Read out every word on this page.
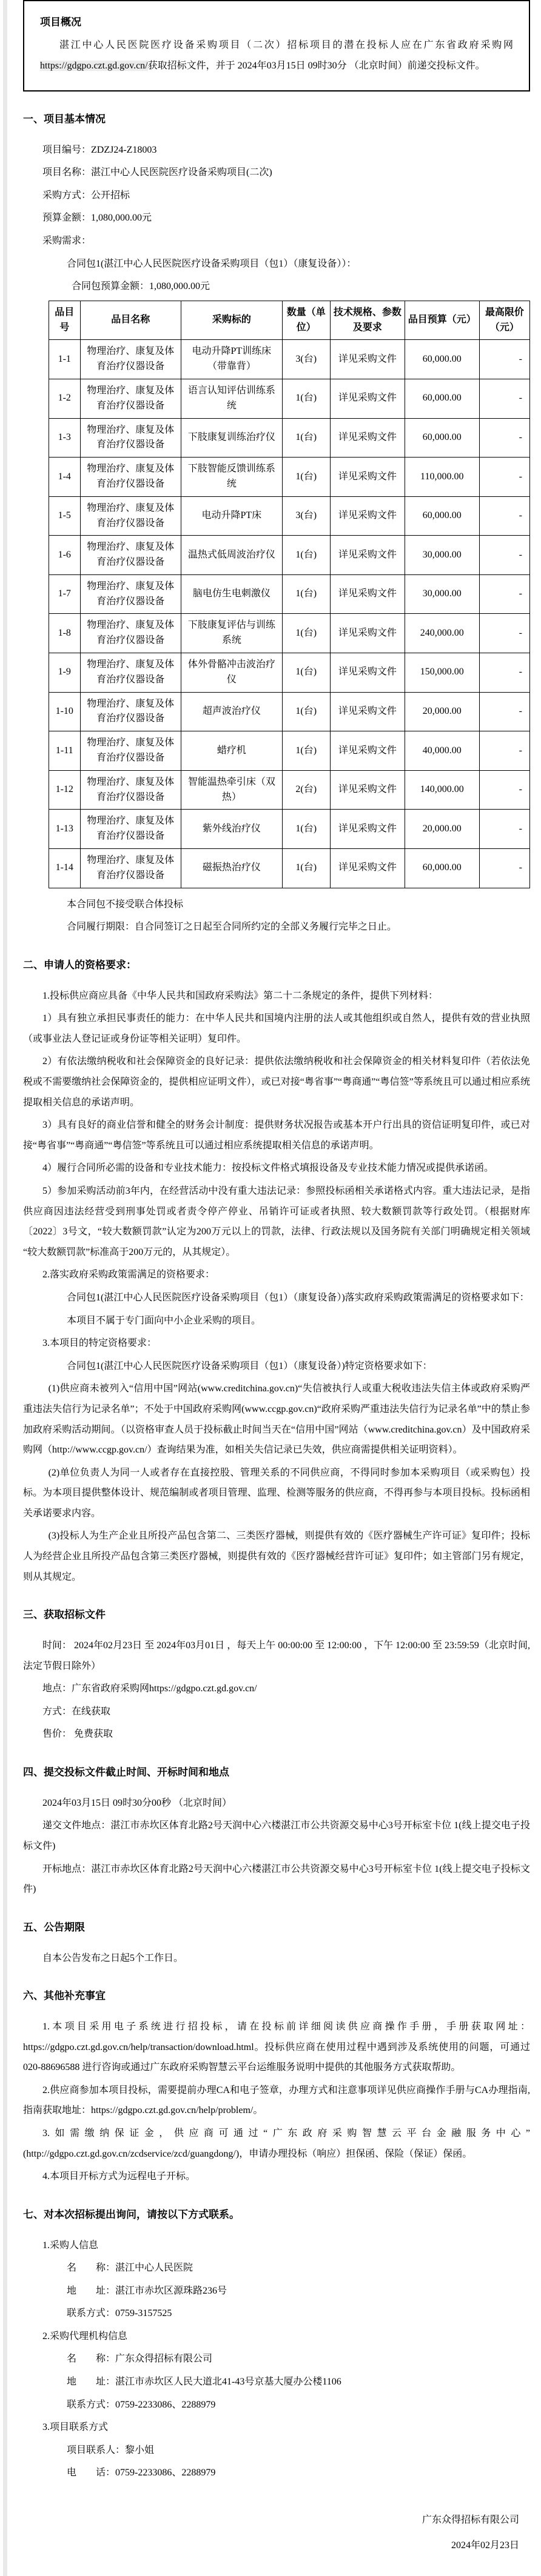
项目概况

湛江中心人民医院医疗设备采购项目（二次）招标项目的潜在投标人应在广东省政府采购网https://gdgpo.czt.gd.gov.cn/获取招标文件，并于 2024年03月15日 09时30分 （北京时间）前递交投标文件。

一、项目基本情况

项目编号：ZDZJ24-Z18003

项目名称：湛江中心人民医院医疗设备采购项目(二次)

采购方式：公开招标

预算金额：1,080,000.00元

采购需求：

合同包1(湛江中心人民医院医疗设备采购项目（包1）（康复设备））：

合同包预算金额：1,080,000.00元

品目号	品目名称	采购标的	数量（单位）	技术规格、参数及要求	品目预算（元）	最高限价（元）
1-1	物理治疗、康复及体育治疗仪器设备	电动升降PT训练床（带靠背）	3(台)	详见采购文件	60,000.00	-
1-2	物理治疗、康复及体育治疗仪器设备	语言认知评估训练系统	1(台)	详见采购文件	60,000.00	-
1-3	物理治疗、康复及体育治疗仪器设备	下肢康复训练治疗仪	1(台)	详见采购文件	60,000.00	-
1-4	物理治疗、康复及体育治疗仪器设备	下肢智能反馈训练系统	1(台)	详见采购文件	110,000.00	-
1-5	物理治疗、康复及体育治疗仪器设备	电动升降PT床	3(台)	详见采购文件	60,000.00	-
1-6	物理治疗、康复及体育治疗仪器设备	温热式低周波治疗仪	1(台)	详见采购文件	30,000.00	-
1-7	物理治疗、康复及体育治疗仪器设备	脑电仿生电刺激仪	1(台)	详见采购文件	30,000.00	-
1-8	物理治疗、康复及体育治疗仪器设备	下肢康复评估与训练系统	1(台)	详见采购文件	240,000.00	-
1-9	物理治疗、康复及体育治疗仪器设备	体外骨骼冲击波治疗仪	1(台)	详见采购文件	150,000.00	-
1-10	物理治疗、康复及体育治疗仪器设备	超声波治疗仪	1(台)	详见采购文件	20,000.00	-
1-11	物理治疗、康复及体育治疗仪器设备	蜡疗机	1(台)	详见采购文件	40,000.00	-
1-12	物理治疗、康复及体育治疗仪器设备	智能温热牵引床（双热）	2(台)	详见采购文件	140,000.00	-
1-13	物理治疗、康复及体育治疗仪器设备	紫外线治疗仪	1(台)	详见采购文件	20,000.00	-
1-14	物理治疗、康复及体育治疗仪器设备	磁振热治疗仪	1(台)	详见采购文件	60,000.00	-

本合同包不接受联合体投标

合同履行期限：自合同签订之日起至合同所约定的全部义务履行完毕之日止。

二、申请人的资格要求：

1.投标供应商应具备《中华人民共和国政府采购法》第二十二条规定的条件，提供下列材料：

1）具有独立承担民事责任的能力：在中华人民共和国境内注册的法人或其他组织或自然人，提供有效的营业执照（或事业法人登记证或身份证等相关证明）复印件。

2）有依法缴纳税收和社会保障资金的良好记录：提供依法缴纳税收和社会保障资金的相关材料复印件（若依法免税或不需要缴纳社会保障资金的，提供相应证明文件），或已对接“粤省事”“粤商通”“粤信签”等系统且可以通过相应系统提取相关信息的承诺声明。

3）具有良好的商业信誉和健全的财务会计制度：提供财务状况报告或基本开户行出具的资信证明复印件，或已对接“粤省事”“粤商通”“粤信签”等系统且可以通过相应系统提取相关信息的承诺声明。

4）履行合同所必需的设备和专业技术能力：按投标文件格式填报设备及专业技术能力情况或提供承诺函。

5）参加采购活动前3年内，在经营活动中没有重大违法记录：参照投标函相关承诺格式内容。重大违法记录，是指供应商因违法经营受到刑事处罚或者责令停产停业、吊销许可证或者执照、较大数额罚款等行政处罚。（根据财库〔2022〕3号文，“较大数额罚款”认定为200万元以上的罚款，法律、行政法规以及国务院有关部门明确规定相关领域“较大数额罚款”标准高于200万元的，从其规定）。

2.落实政府采购政策需满足的资格要求：

合同包1(湛江中心人民医院医疗设备采购项目（包1）（康复设备）)落实政府采购政策需满足的资格要求如下：

本项目不属于专门面向中小企业采购的项目。

3.本项目的特定资格要求：

合同包1(湛江中心人民医院医疗设备采购项目（包1）（康复设备）)特定资格要求如下：

(1)供应商未被列入“信用中国”网站(www.creditchina.gov.cn)“失信被执行人或重大税收违法失信主体或政府采购严重违法失信行为记录名单”；不处于中国政府采购网(www.ccgp.gov.cn)“政府采购严重违法失信行为记录名单”中的禁止参加政府采购活动期间。（以资格审查人员于投标截止时间当天在“信用中国”网站（www.creditchina.gov.cn）及中国政府采购网（http://www.ccgp.gov.cn/）查询结果为准，如相关失信记录已失效，供应商需提供相关证明资料）。

(2)单位负责人为同一人或者存在直接控股、管理关系的不同供应商，不得同时参加本采购项目（或采购包）投标。为本项目提供整体设计、规范编制或者项目管理、监理、检测等服务的供应商，不得再参与本项目投标。投标函相关承诺要求内容。

(3)投标人为生产企业且所投产品包含第二、三类医疗器械，则提供有效的《医疗器械生产许可证》复印件；投标人为经营企业且所投产品包含第三类医疗器械，则提供有效的《医疗器械经营许可证》复印件；如主管部门另有规定，则从其规定。

三、获取招标文件

时间： 2024年02月23日 至 2024年03月01日 ，每天上午 00:00:00 至 12:00:00 ，下午 12:00:00 至 23:59:59（北京时间,法定节假日除外）

地点：广东省政府采购网https://gdgpo.czt.gd.gov.cn/

方式：在线获取

售价： 免费获取

四、提交投标文件截止时间、开标时间和地点

2024年03月15日 09时30分00秒 （北京时间）

递交文件地点：湛江市赤坎区体育北路2号天润中心六楼湛江市公共资源交易中心3号开标室卡位 1(线上提交电子投标文件)

开标地点：湛江市赤坎区体育北路2号天润中心六楼湛江市公共资源交易中心3号开标室卡位 1(线上提交电子投标文件)

五、公告期限

自本公告发布之日起5个工作日。

六、其他补充事宜

1.本项目采用电子系统进行招投标，请在投标前详细阅读供应商操作手册，手册获取网址：https://gdgpo.czt.gd.gov.cn/help/transaction/download.html。投标供应商在使用过程中遇到涉及系统使用的问题，可通过020-88696588 进行咨询或通过广东政府采购智慧云平台运维服务说明中提供的其他服务方式获取帮助。

2.供应商参加本项目投标，需要提前办理CA和电子签章，办理方式和注意事项详见供应商操作手册与CA办理指南,指南获取地址：https://gdgpo.czt.gd.gov.cn/help/problem/。

3.如需缴纳保证金，供应商可通过“广东政府采购智慧云平台金融服务中心”(http://gdgpo.czt.gd.gov.cn/zcdservice/zcd/guangdong/)，申请办理投标（响应）担保函、保险（保证）保函。

4.本项目开标方式为远程电子开标。

七、对本次招标提出询问，请按以下方式联系。

1.采购人信息

名　　称：湛江中心人民医院

地　　址：湛江市赤坎区源珠路236号

联系方式：0759-3157525

2.采购代理机构信息

名　　称：广东众得招标有限公司

地　　址：湛江市赤坎区人民大道北41-43号京基大厦办公楼1106

联系方式：0759-2233086、2288979

3.项目联系方式

项目联系人：黎小姐

电　　话：0759-2233086、2288979

广东众得招标有限公司

2024年02月23日
